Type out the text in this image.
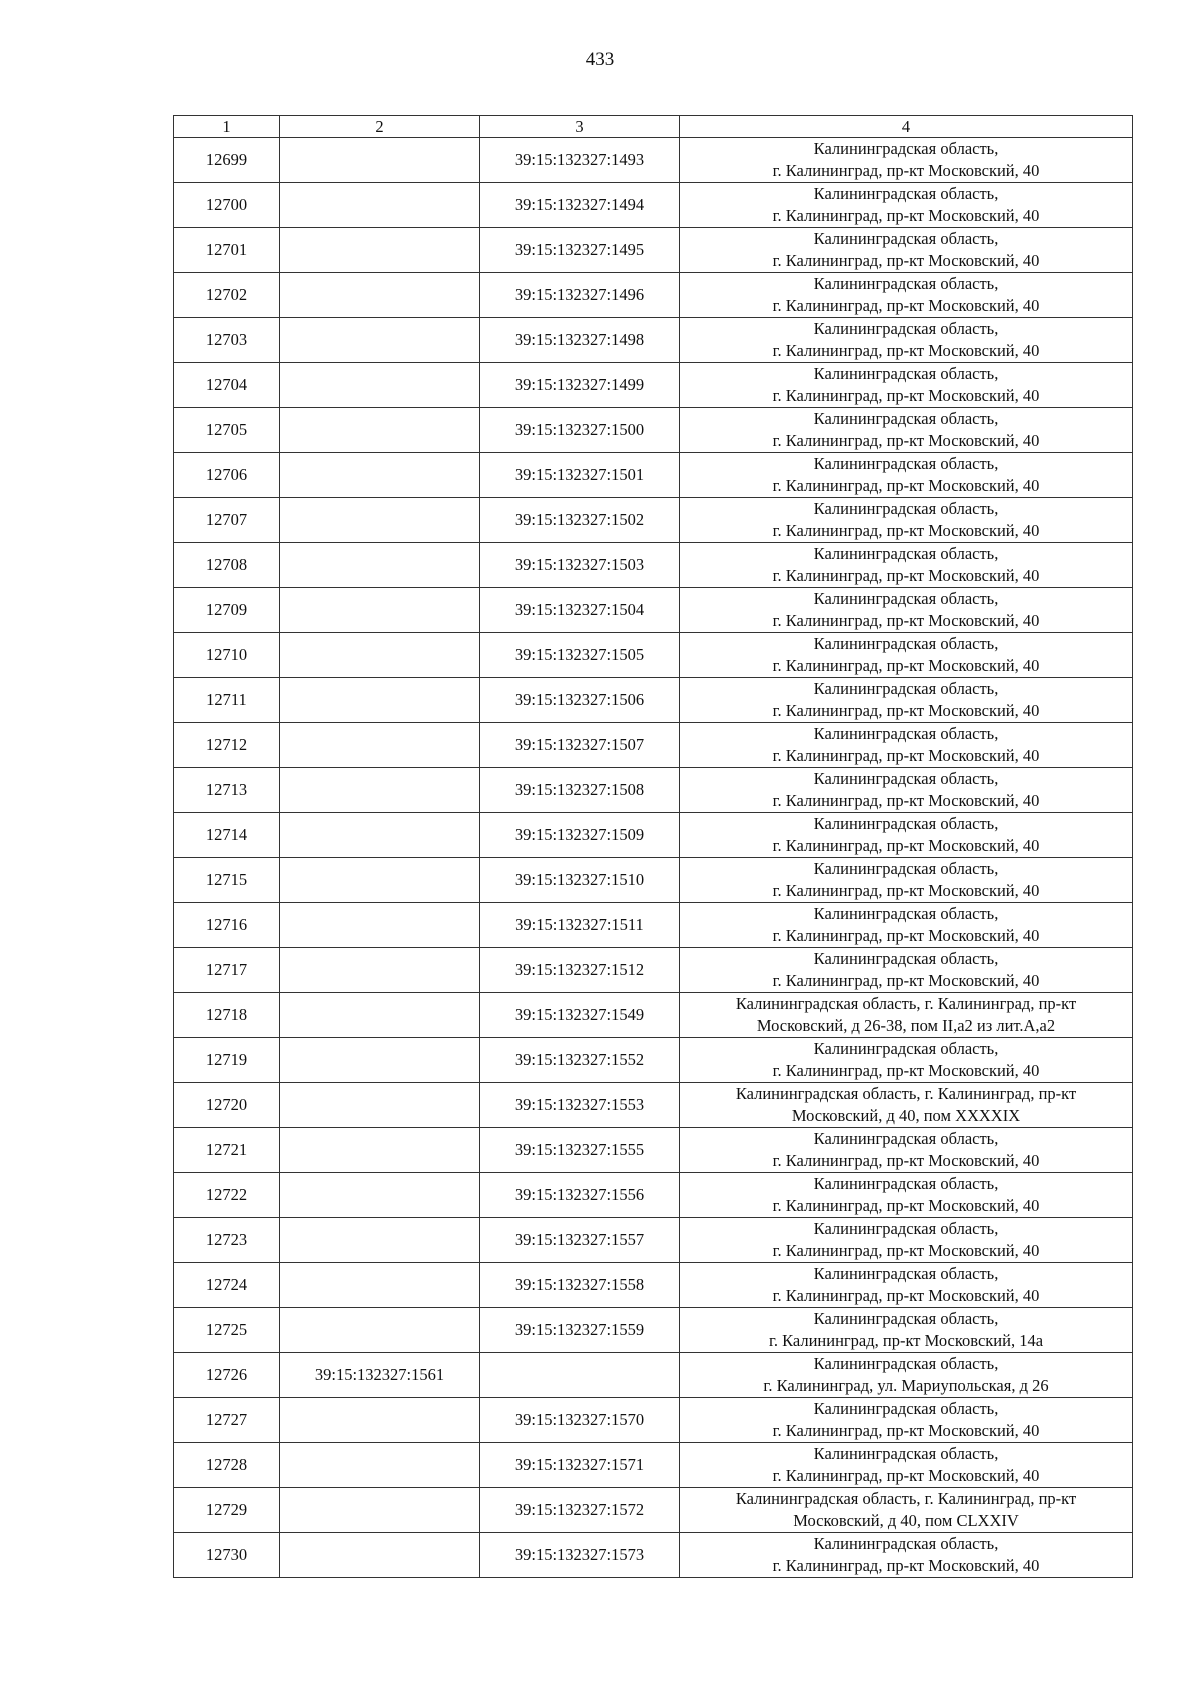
433
1	2	3	4
12699		39:15:132327:1493	Калининградская область,
г. Калининград, пр-кт Московский, 40

12700		39:15:132327:1494	Калининградская область,
г. Калининград, пр-кт Московский, 40

12701		39:15:132327:1495	Калининградская область,
г. Калининград, пр-кт Московский, 40

12702		39:15:132327:1496	Калининградская область,
г. Калининград, пр-кт Московский, 40

12703		39:15:132327:1498	Калининградская область,
г. Калининград, пр-кт Московский, 40

12704		39:15:132327:1499	Калининградская область,
г. Калининград, пр-кт Московский, 40

12705		39:15:132327:1500	Калининградская область,
г. Калининград, пр-кт Московский, 40

12706		39:15:132327:1501	Калининградская область,
г. Калининград, пр-кт Московский, 40

12707		39:15:132327:1502	Калининградская область,
г. Калининград, пр-кт Московский, 40

12708		39:15:132327:1503	Калининградская область,
г. Калининград, пр-кт Московский, 40

12709		39:15:132327:1504	Калининградская область,
г. Калининград, пр-кт Московский, 40

12710		39:15:132327:1505	Калининградская область,
г. Калининград, пр-кт Московский, 40

12711		39:15:132327:1506	Калининградская область,
г. Калининград, пр-кт Московский, 40

12712		39:15:132327:1507	Калининградская область,
г. Калининград, пр-кт Московский, 40

12713		39:15:132327:1508	Калининградская область,
г. Калининград, пр-кт Московский, 40

12714		39:15:132327:1509	Калининградская область,
г. Калининград, пр-кт Московский, 40

12715		39:15:132327:1510	Калининградская область,
г. Калининград, пр-кт Московский, 40

12716		39:15:132327:1511	Калининградская область,
г. Калининград, пр-кт Московский, 40

12717		39:15:132327:1512	Калининградская область,
г. Калининград, пр-кт Московский, 40

12718		39:15:132327:1549	Калининградская область, г. Калининград, пр-кт
Московский, д 26-38, пом II,а2 из лит.А,а2

12719		39:15:132327:1552	Калининградская область,
г. Калининград, пр-кт Московский, 40

12720		39:15:132327:1553	Калининградская область, г. Калининград, пр-кт
Московский, д 40, пом XXXXIX

12721		39:15:132327:1555	Калининградская область,
г. Калининград, пр-кт Московский, 40

12722		39:15:132327:1556	Калининградская область,
г. Калининград, пр-кт Московский, 40

12723		39:15:132327:1557	Калининградская область,
г. Калининград, пр-кт Московский, 40

12724		39:15:132327:1558	Калининградская область,
г. Калининград, пр-кт Московский, 40

12725		39:15:132327:1559	Калининградская область,
г. Калининград, пр-кт Московский, 14а

12726	39:15:132327:1561		Калининградская область,
г. Калининград, ул. Мариупольская, д 26

12727		39:15:132327:1570	Калининградская область,
г. Калининград, пр-кт Московский, 40

12728		39:15:132327:1571	Калининградская область,
г. Калининград, пр-кт Московский, 40

12729		39:15:132327:1572	Калининградская область, г. Калининград, пр-кт
Московский, д 40, пом CLXXIV

12730		39:15:132327:1573	Калининградская область,
г. Калининград, пр-кт Московский, 40
